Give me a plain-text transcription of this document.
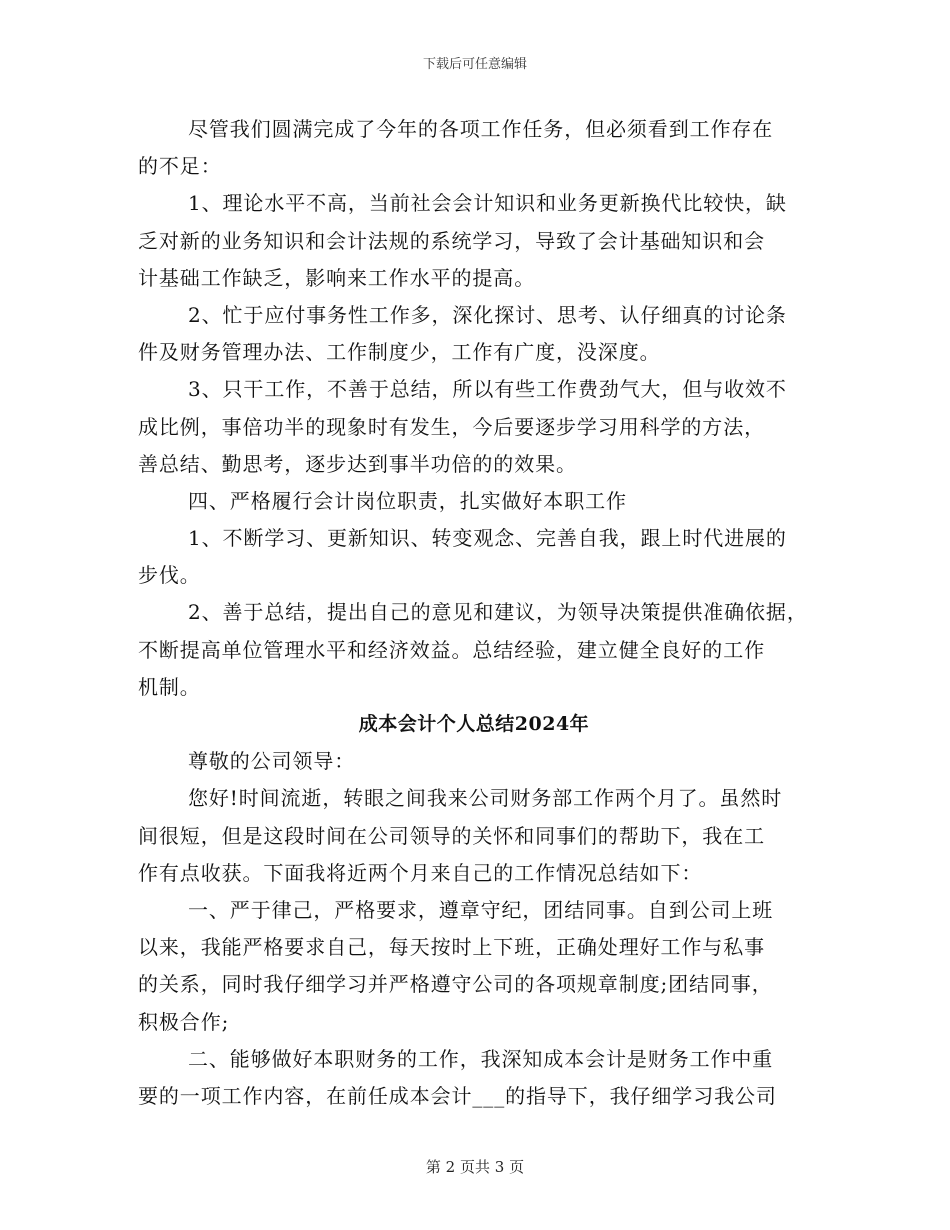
下载后可任意编辑
尽管我们圆满完成了今年的各项工作任务，但必须看到工作存在
的不足：
1、理论水平不高，当前社会会计知识和业务更新换代比较快，缺
乏对新的业务知识和会计法规的系统学习，导致了会计基础知识和会
计基础工作缺乏，影响来工作水平的提高。
2、忙于应付事务性工作多，深化探讨、思考、认仔细真的讨论条
件及财务管理办法、工作制度少，工作有广度，没深度。
3、只干工作，不善于总结，所以有些工作费劲气大，但与收效不
成比例，事倍功半的现象时有发生，今后要逐步学习用科学的方法，
善总结、勤思考，逐步达到事半功倍的的效果。
四、严格履行会计岗位职责，扎实做好本职工作
1、不断学习、更新知识、转变观念、完善自我，跟上时代进展的
步伐。
2、善于总结，提出自己的意见和建议，为领导决策提供准确依据，
不断提高单位管理水平和经济效益。总结经验，建立健全良好的工作
机制。
成本会计个人总结2024年
尊敬的公司领导：
您好!时间流逝，转眼之间我来公司财务部工作两个月了。虽然时
间很短，但是这段时间在公司领导的关怀和同事们的帮助下，我在工
作有点收获。下面我将近两个月来自己的工作情况总结如下：
一、严于律己，严格要求，遵章守纪，团结同事。自到公司上班
以来，我能严格要求自己，每天按时上下班，正确处理好工作与私事
的关系，同时我仔细学习并严格遵守公司的各项规章制度;团结同事，
积极合作;
二、能够做好本职财务的工作，我深知成本会计是财务工作中重
要的一项工作内容，在前任成本会计___的指导下，我仔细学习我公司
第 2 页共 3 页
